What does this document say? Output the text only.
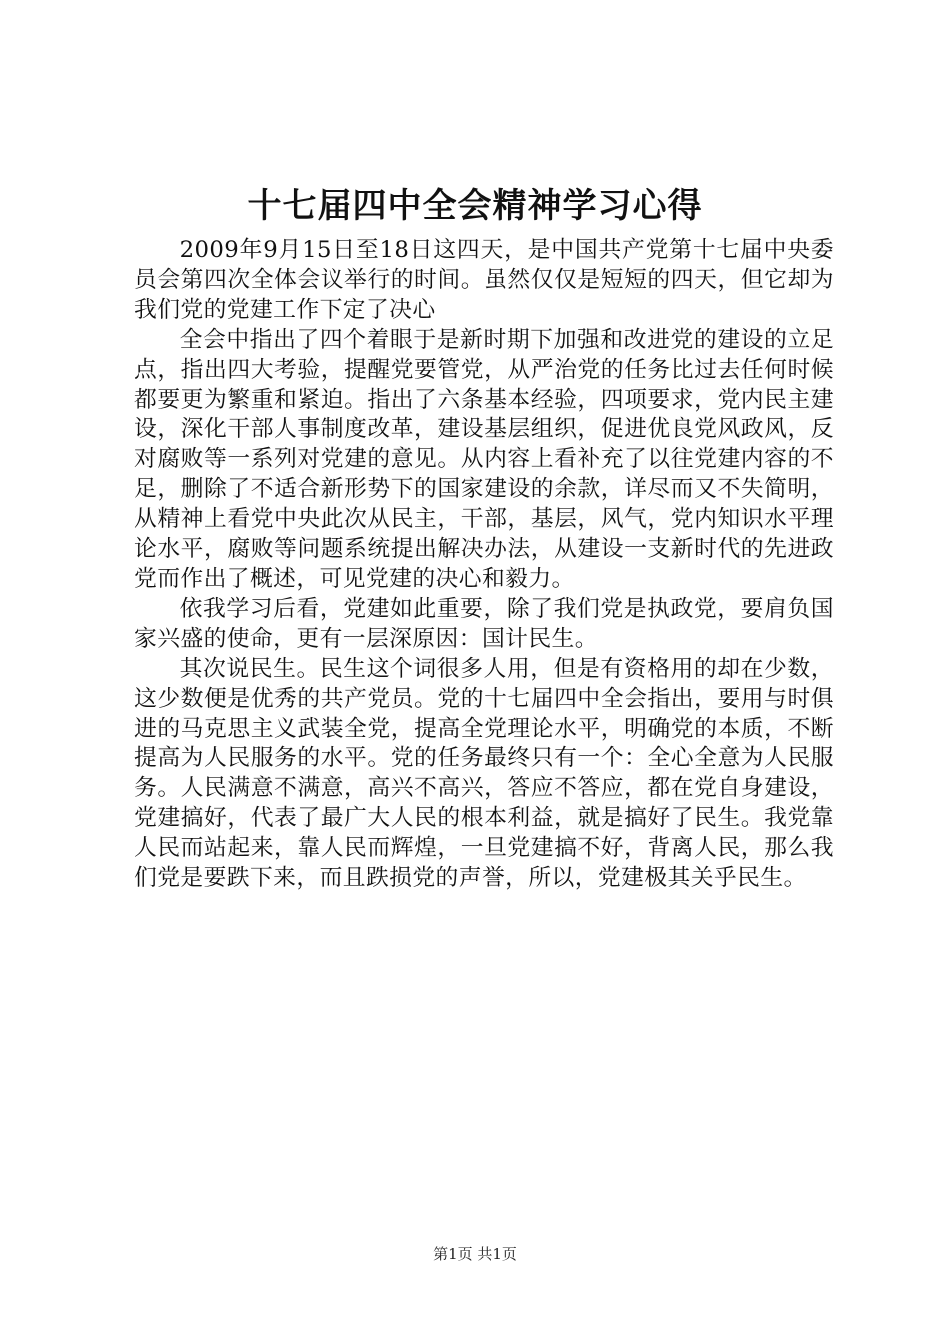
十七届四中全会精神学习心得

2009年9月15日至18日这四天，是中国共产党第十七届中央委员会第四次全体会议举行的时间。虽然仅仅是短短的四天，但它却为我们党的党建工作下定了决心

全会中指出了四个着眼于是新时期下加强和改进党的建设的立足点，指出四大考验，提醒党要管党，从严治党的任务比过去任何时候都要更为繁重和紧迫。指出了六条基本经验，四项要求，党内民主建设，深化干部人事制度改革，建设基层组织，促进优良党风政风，反对腐败等一系列对党建的意见。从内容上看补充了以往党建内容的不足，删除了不适合新形势下的国家建设的余款，详尽而又不失简明，从精神上看党中央此次从民主，干部，基层，风气，党内知识水平理论水平，腐败等问题系统提出解决办法，从建设一支新时代的先进政党而作出了概述，可见党建的决心和毅力。

依我学习后看，党建如此重要，除了我们党是执政党，要肩负国家兴盛的使命，更有一层深原因：国计民生。

其次说民生。民生这个词很多人用，但是有资格用的却在少数，这少数便是优秀的共产党员。党的十七届四中全会指出，要用与时俱进的马克思主义武装全党，提高全党理论水平，明确党的本质，不断提高为人民服务的水平。党的任务最终只有一个：全心全意为人民服务。人民满意不满意，高兴不高兴，答应不答应，都在党自身建设，党建搞好，代表了最广大人民的根本利益，就是搞好了民生。我党靠人民而站起来，靠人民而辉煌，一旦党建搞不好，背离人民，那么我们党是要跌下来，而且跌损党的声誉，所以，党建极其关乎民生。

第1页 共1页
